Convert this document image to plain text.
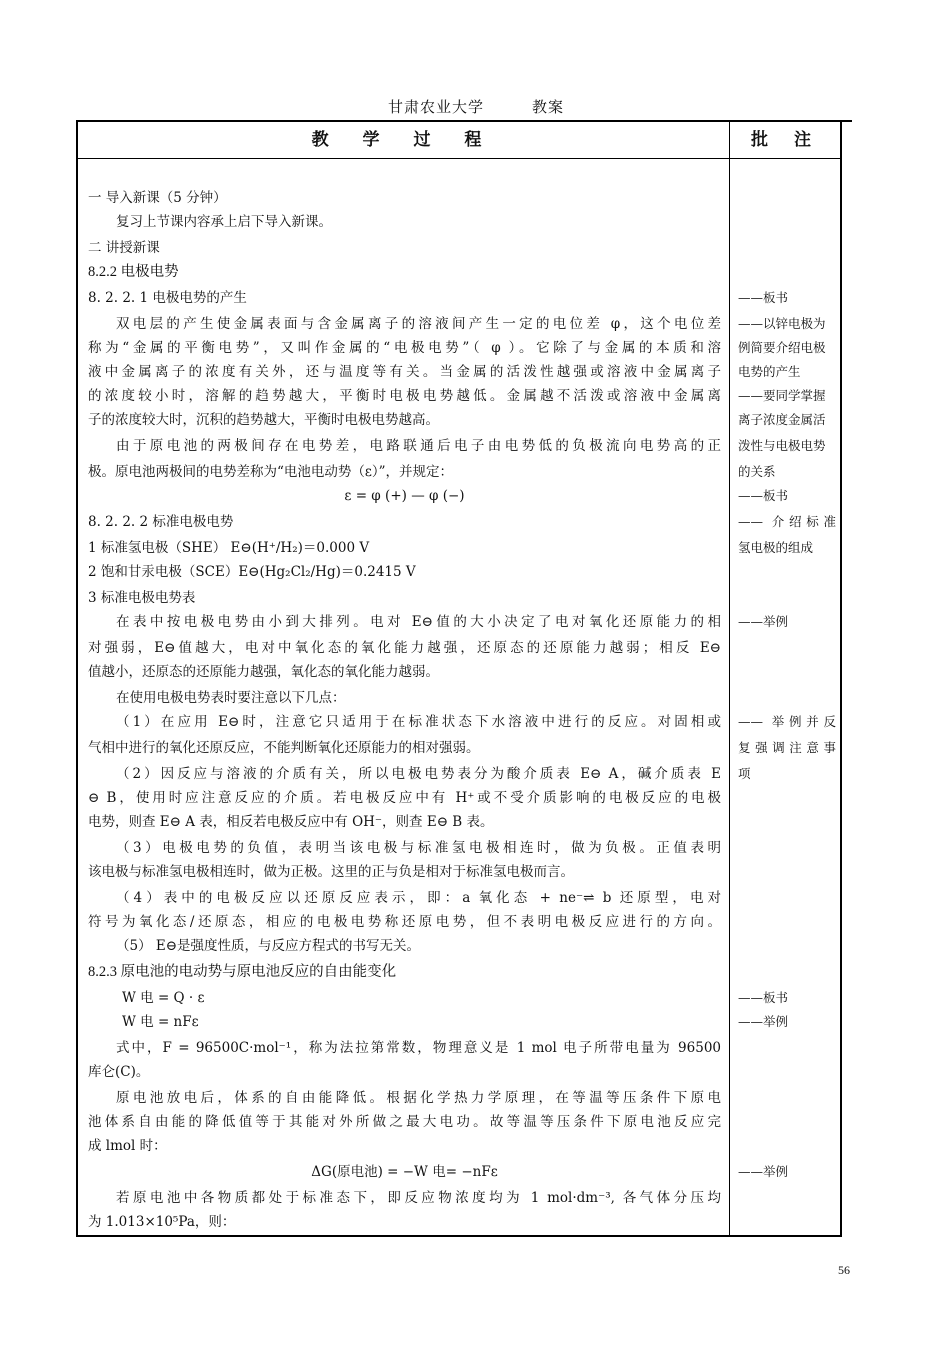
甘肃农业大学	教案
教 学 过 程	批 注
一 导入新课（5 分钟）
复习上节课内容承上启下导入新课。
二 讲授新课
8.2.2 电极电势
8. 2. 2. 1 电极电势的产生
双电层的产生使金属表面与含金属离子的溶液间产生一定的电位差 φ，这个电位差
称为“金属的平衡电势”，又叫作金属的“电极电势”（ φ ）。它除了与金属的本质和溶
液中金属离子的浓度有关外，还与温度等有关。当金属的活泼性越强或溶液中金属离子
的浓度较小时，溶解的趋势越大，平衡时电极电势越低。金属越不活泼或溶液中金属离
子的浓度较大时，沉积的趋势越大，平衡时电极电势越高。
由于原电池的两极间存在电势差，电路联通后电子由电势低的负极流向电势高的正
极。原电池两极间的电势差称为“电池电动势（ε）”，并规定：
ε = φ (+) — φ (−)
8. 2. 2. 2 标准电极电势
1 标准氢电极（SHE） E⊖(H⁺/H₂)＝0.000 V
2 饱和甘汞电极（SCE）E⊖(Hg₂Cl₂/Hg)＝0.2415 V
3 标准电极电势表
在表中按电极电势由小到大排列。电对 E⊖值的大小决定了电对氧化还原能力的相
对强弱，E⊖值越大，电对中氧化态的氧化能力越强，还原态的还原能力越弱；相反 E⊖
值越小，还原态的还原能力越强，氧化态的氧化能力越弱。
在使用电极电势表时要注意以下几点：
（1）在应用 E⊖时，注意它只适用于在标准状态下水溶液中进行的反应。对固相或
气相中进行的氧化还原反应，不能判断氧化还原能力的相对强弱。
（2）因反应与溶液的介质有关，所以电极电势表分为酸介质表 E⊖ A，碱介质表 E
⊖ B，使用时应注意反应的介质。若电极反应中有 H⁺或不受介质影响的电极反应的电极
电势，则查 E⊖ A 表，相反若电极反应中有 OH⁻，则查 E⊖ B 表。
（3）电极电势的负值，表明当该电极与标准氢电极相连时，做为负极。正值表明
该电极与标准氢电极相连时，做为正极。这里的正与负是相对于标准氢电极而言。
（4）表中的电极反应以还原反应表示，即：a 氧化态 + ne⁻⇌ b 还原型，电对
符号为氧化态/还原态，相应的电极电势称还原电势，但不表明电极反应进行的方向。
（5） E⊖是强度性质，与反应方程式的书写无关。
8.2.3 原电池的电动势与原电池反应的自由能变化
W 电 = Q · ε
W 电 = nFε
式中，F = 96500C·mol⁻¹，称为法拉第常数，物理意义是 1 mol 电子所带电量为 96500
库仑(C)。
原电池放电后，体系的自由能降低。根据化学热力学原理，在等温等压条件下原电
池体系自由能的降低值等于其能对外所做之最大电功。故等温等压条件下原电池反应完
成 lmol 时：
ΔG(原电池) = −W 电= −nFε
若原电池中各物质都处于标准态下，即反应物浓度均为 1 mol·dm⁻³, 各气体分压均
为 1.013×10⁵Pa，则：
——板书
——以锌电极为
例简要介绍电极
电势的产生
——要同学掌握
离子浓度金属活
泼性与电极电势
的关系
——板书
—— 介绍标准
氢电极的组成
——举例
—— 举例并反
复强调注意事
项
——板书
——举例
——举例
56
